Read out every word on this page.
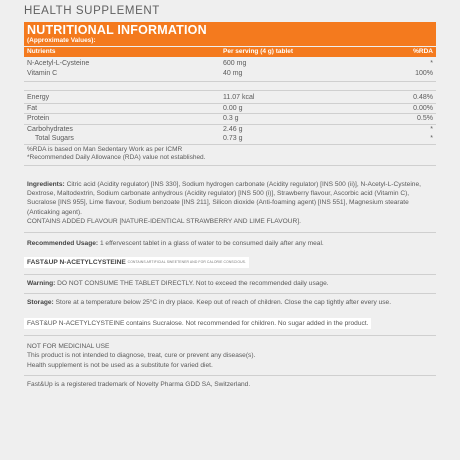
HEALTH SUPPLEMENT
NUTRITIONAL INFORMATION
(Approximate Values):
Nutrients	Per serving (4 g) tablet	%RDA
N-Acetyl-L-Cysteine	600 mg	*
Vitamin C	40 mg	100%
Energy	11.07 kcal	0.48%
Fat	0.00 g	0.00%
Protein	0.3 g	0.5%
Carbohydrates	2.46 g	*
Total Sugars	0.73 g	*
%RDA is based on Man Sedentary Work as per ICMR
*Recommended Daily Allowance (RDA) value not established.
Ingredients: Citric acid (Acidity regulator) [INS 330], Sodium hydrogen carbonate (Acidity regulator) [INS 500 (ii)], N-Acetyl-L-Cysteine, Dextrose, Maltodextrin, Sodium carbonate anhydrous (Acidity regulator) [INS 500 (i)], Strawberry flavour, Ascorbic acid (Vitamin C), Sucralose [INS 955], Lime flavour, Sodium benzoate [INS 211], Silicon dioxide (Anti-foaming agent) [INS 551], Magnesium stearate (Anticaking agent).
CONTAINS ADDED FLAVOUR [NATURE-IDENTICAL STRAWBERRY AND LIME FLAVOUR].
Recommended Usage: 1 effervescent tablet in a glass of water to be consumed daily after any meal.
FAST&UP N-ACETYLCYSTEINE CONTAINS ARTIFICIAL SWEETENER AND FOR CALORIE CONSCIOUS.
Warning: DO NOT CONSUME THE TABLET DIRECTLY. Not to exceed the recommended daily usage.
Storage: Store at a temperature below 25°C in dry place. Keep out of reach of children. Close the cap tightly after every use.
FAST&UP N-ACETYLCYSTEINE contains Sucralose. Not recommended for children. No sugar added in the product.
NOT FOR MEDICINAL USE
This product is not intended to diagnose, treat, cure or prevent any disease(s).
Health supplement is not be used as a substitute for varied diet.
Fast&Up is a registered trademark of Novelty Pharma GDD SA, Switzerland.
